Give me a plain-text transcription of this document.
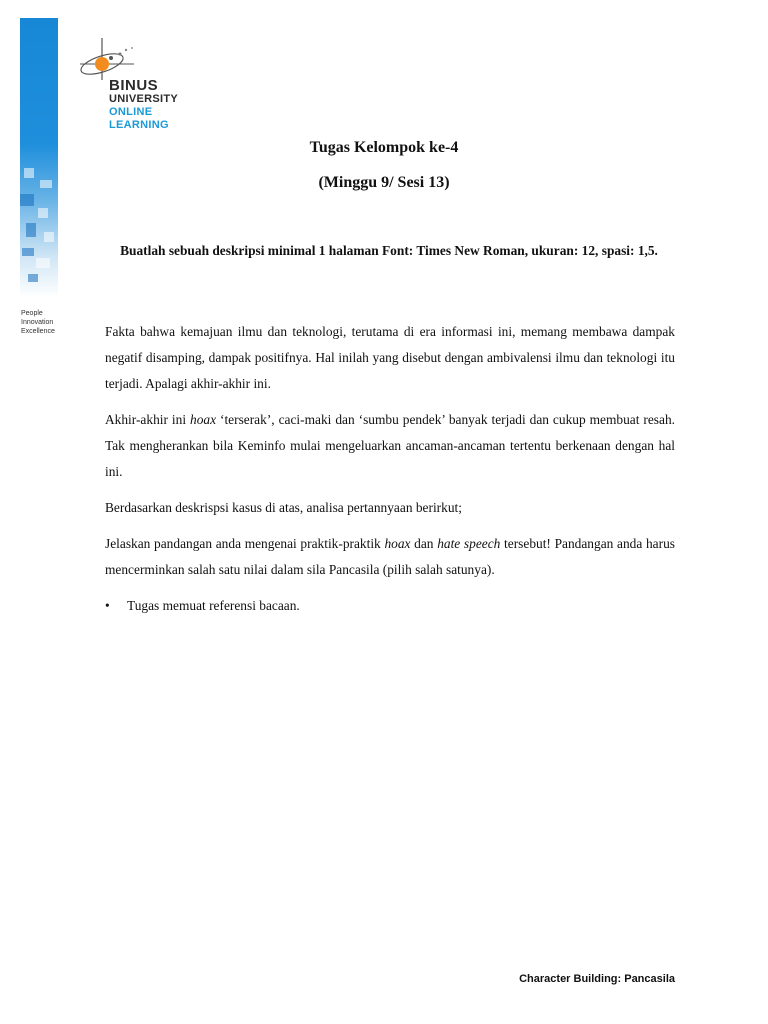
People
Innovation
Excellence
BINUS
UNIVERSITY
ONLINE
LEARNING
Tugas Kelompok ke-4
(Minggu 9/ Sesi 13)
Buatlah sebuah deskripsi minimal 1 halaman Font: Times New Roman, ukuran: 12, spasi: 1,5.

Fakta bahwa kemajuan ilmu dan teknologi, terutama di era informasi ini, memang membawa dampak negatif disamping, dampak positifnya. Hal inilah yang disebut dengan ambivalensi ilmu dan teknologi itu terjadi. Apalagi akhir-akhir ini.

Akhir-akhir ini hoax ‘terserak’, caci-maki dan ‘sumbu pendek’ banyak terjadi dan cukup membuat resah. Tak mengherankan bila Keminfo mulai mengeluarkan ancaman-ancaman tertentu berkenaan dengan hal ini.

Berdasarkan deskrispsi kasus di atas, analisa pertannyaan berirkut;

Jelaskan pandangan anda mengenai praktik-praktik hoax dan hate speech tersebut! Pandangan anda harus mencerminkan salah satu nilai dalam sila Pancasila (pilih salah satunya).

•	Tugas memuat referensi bacaan.
Character Building: Pancasila
